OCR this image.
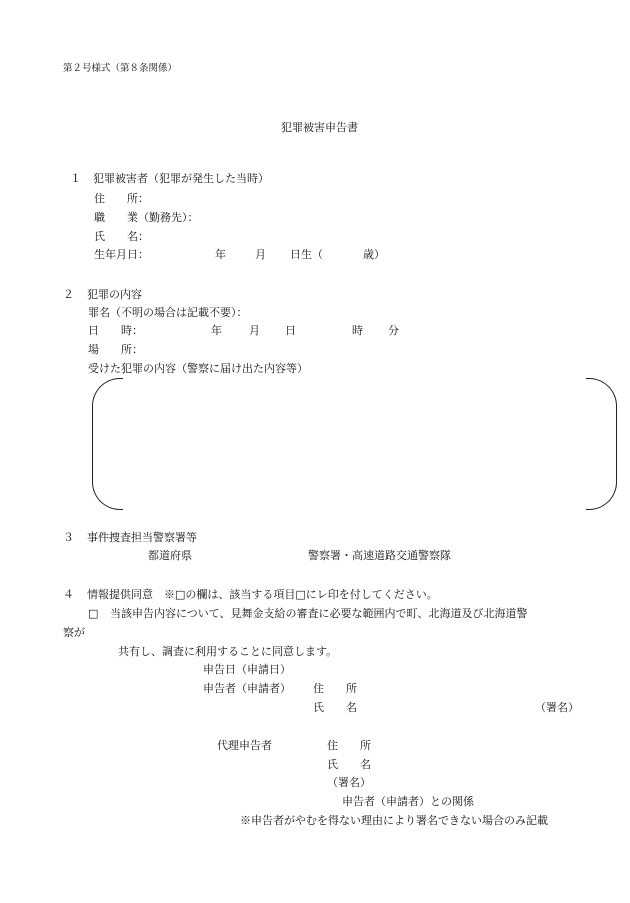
第２号様式（第８条関係）
犯罪被害申告書
１ 犯罪被害者（犯罪が発生した当時）
住　　所：
職　　業（勤務先）：
氏　　名：
生年月日：	年	月 日生（	歳）
２ 犯罪の内容
罪名（不明の場合は記載不要）：
日　　時：	年 月 日	時 分
場　　所：
受けた犯罪の内容（警察に届け出た内容等）
３ 事件捜査担当警察署等
都道府県	警察署・高速道路交通警察隊
４ 情報提供同意　※□の欄は、該当する項目□にレ印を付してください。
□ 当該申告内容について、見舞金支給の審査に必要な範囲内で町、北海道及び北海道警
察が
共有し、調査に利用することに同意します。
申告日（申請日）
申告者（申請者） 住　　所
氏　　名	（署名）
代理申告者	住　　所
氏　　名
（署名）
申告者（申請者）との関係
※申告者がやむを得ない理由により署名できない場合のみ記載
